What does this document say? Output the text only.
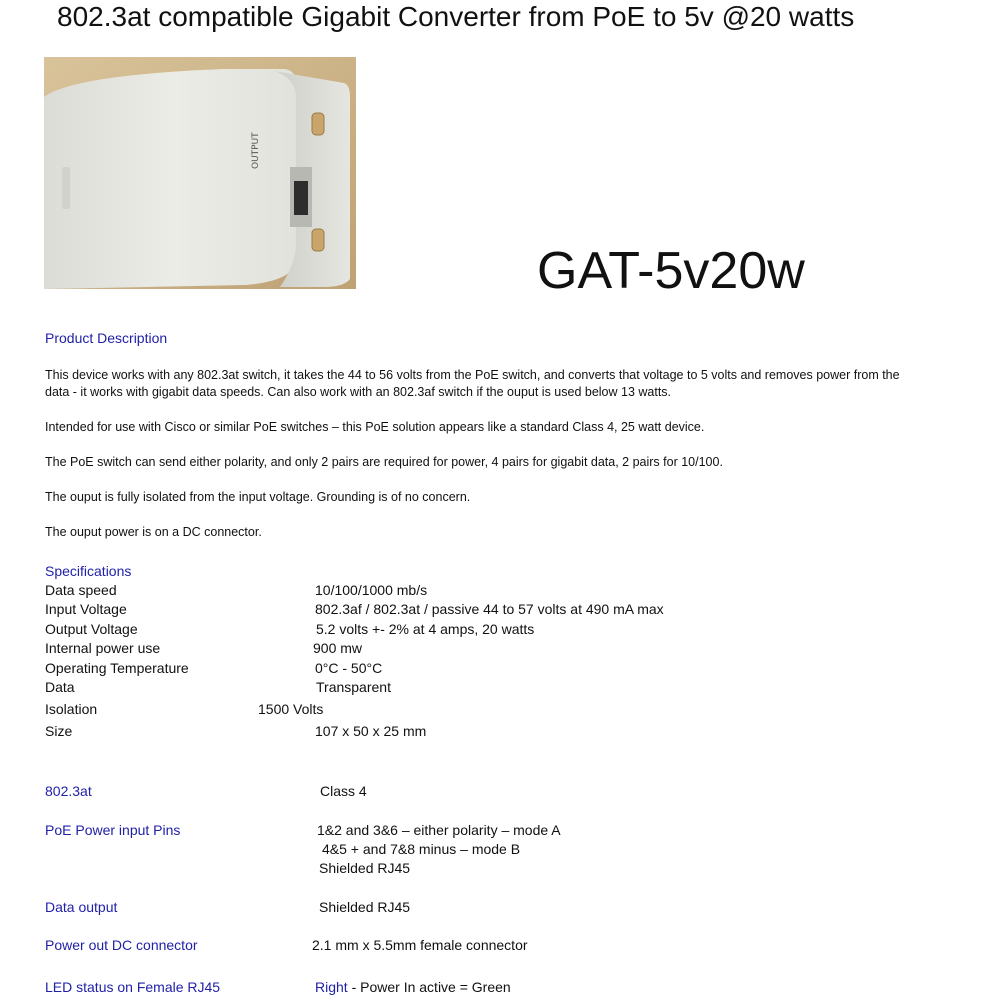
802.3at compatible Gigabit Converter from PoE to 5v @20 watts
OUTPUT
GAT-5v20w
Product Description
This device works with any 802.3at switch, it takes the 44 to 56 volts from the PoE switch, and converts that voltage to 5 volts and removes power from the data - it works with gigabit data speeds. Can also work with an 802.3af switch if the ouput is used below 13 watts.
Intended for use with Cisco or similar PoE switches – this PoE solution appears like a standard Class 4, 25 watt device.
The PoE switch can send either polarity, and only 2 pairs are required for power, 4 pairs for gigabit data, 2 pairs for 10/100.
The ouput is fully isolated from the input voltage. Grounding is of no concern.
The ouput power is on a DC connector.
Specifications
Data speed	10/100/1000 mb/s
Input Voltage	802.3af / 802.3at / passive 44 to 57 volts at 490 mA max
Output Voltage	5.2 volts +- 2% at 4 amps, 20 watts
Internal power use	900 mw
Operating Temperature	0°C - 50°C
Data	Transparent
Isolation	1500 Volts
Size	107 x 50 x 25 mm
802.3at	Class 4
PoE Power input Pins	1&2 and 3&6 – either polarity – mode A
4&5 + and 7&8 minus – mode B
Shielded RJ45
Data output	Shielded RJ45
Power out DC connector	2.1 mm x 5.5mm female connector
LED status on Female RJ45	Right - Power In active = Green
